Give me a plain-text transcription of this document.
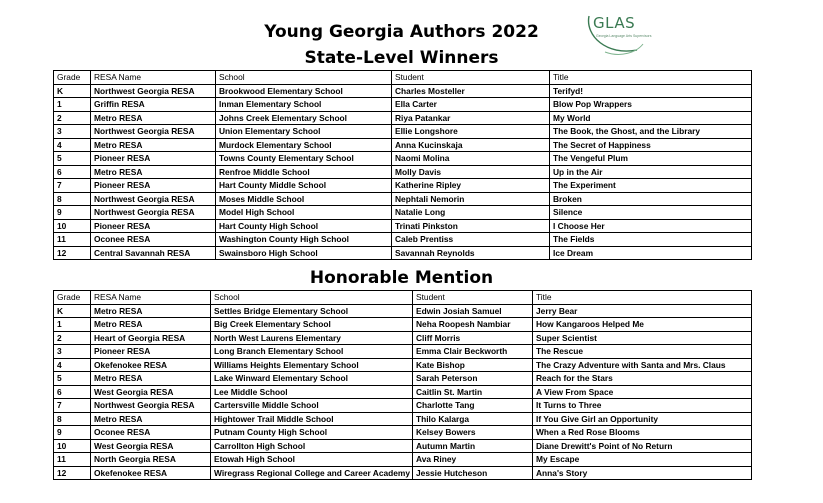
Young Georgia Authors 2022
State-Level Winners
GLAS
Georgia Language Arts Supervisors
Grade	RESA Name	School	Student	Title
K	Northwest Georgia RESA	Brookwood Elementary School	Charles Mosteller	Terifyd!
1	Griffin RESA	Inman Elementary School	Ella Carter	Blow Pop Wrappers
2	Metro RESA	Johns Creek Elementary School	Riya Patankar	My World
3	Northwest Georgia RESA	Union Elementary School	Ellie Longshore	The Book, the Ghost, and the Library
4	Metro RESA	Murdock Elementary School	Anna Kucinskaja	The Secret of Happiness
5	Pioneer RESA	Towns County Elementary School	Naomi Molina	The Vengeful Plum
6	Metro RESA	Renfroe Middle School	Molly Davis	Up in the Air
7	Pioneer RESA	Hart County Middle School	Katherine Ripley	The Experiment
8	Northwest Georgia RESA	Moses Middle School	Nephtali Nemorin	Broken
9	Northwest Georgia RESA	Model High School	Natalie Long	Silence
10	Pioneer RESA	Hart County High School	Trinati Pinkston	I Choose Her
11	Oconee RESA	Washington County High School	Caleb Prentiss	The Fields
12	Central Savannah RESA	Swainsboro High School	Savannah Reynolds	Ice Dream
Honorable Mention
Grade	RESA Name	School	Student	Title
K	Metro RESA	Settles Bridge Elementary School	Edwin Josiah Samuel	Jerry Bear
1	Metro RESA	Big Creek Elementary School	Neha Roopesh Nambiar	How Kangaroos Helped Me
2	Heart of Georgia RESA	North West Laurens Elementary	Cliff Morris	Super Scientist
3	Pioneer RESA	Long Branch Elementary School	Emma Clair Beckworth	The Rescue
4	Okefenokee RESA	Williams Heights Elementary School	Kate Bishop	The Crazy Adventure with Santa and Mrs. Claus
5	Metro RESA	Lake Winward Elementary School	Sarah Peterson	Reach for the Stars
6	West Georgia RESA	Lee Middle School	Caitlin St. Martin	A View From Space
7	Northwest Georgia RESA	Cartersville Middle School	Charlotte Tang	It Turns to Three
8	Metro RESA	Hightower Trail Middle School	Thilo Kalarga	If You Give Girl an Opportunity
9	Oconee RESA	Putnam County High School	Kelsey Bowers	When a Red Rose Blooms
10	West Georgia RESA	Carrollton High School	Autumn Martin	Diane Drewitt's Point of No Return
11	North Georgia RESA	Etowah High School	Ava Riney	My Escape
12	Okefenokee RESA	Wiregrass Regional College and Career Academy	Jessie Hutcheson	Anna's Story
